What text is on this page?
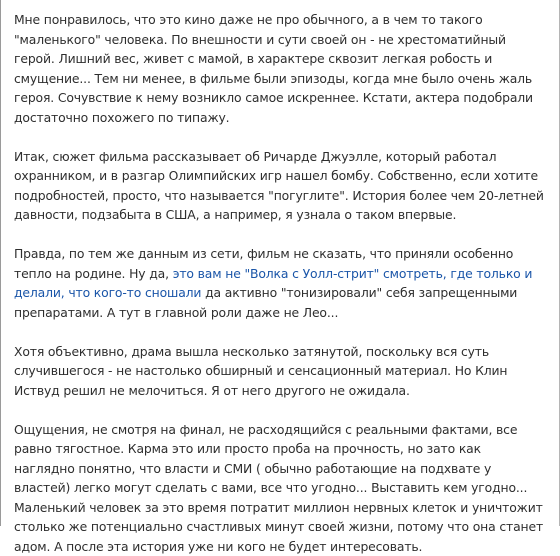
Мне понравилось, что это кино даже не про обычного, а в чем то такого "маленького" человека. По внешности и сути своей он - не хрестоматийный герой. Лишний вес, живет с мамой, в характере сквозит легкая робость и смущение... Тем ни менее, в фильме были эпизоды, когда мне было очень жаль героя. Сочувствие к нему возникло самое искреннее. Кстати, актера подобрали достаточно похожего по типажу.

Итак, сюжет фильма рассказывает об Ричарде Джуэлле, который работал охранником, и в разгар Олимпийских игр нашел бомбу. Собственно, если хотите подробностей, просто, что называется "погуглите". История более чем 20-летней давности, подзабыта в США, а например, я узнала о таком впервые.

Правда, по тем же данным из сети, фильм не сказать, что приняли особенно тепло на родине. Ну да, это вам не "Волка с Уолл-стрит" смотреть, где только и делали, что кого-то сношали да активно "тонизировали" себя запрещенными препаратами. А тут в главной роли даже не Лео...

Хотя объективно, драма вышла несколько затянутой, поскольку вся суть случившегося - не настолько обширный и сенсационный материал. Но Клин Иствуд решил не мелочиться. Я от него другого не ожидала.

Ощущения, не смотря на финал, не расходящийся с реальными фактами, все равно тягостное. Карма это или просто проба на прочность, но зато как наглядно понятно, что власти и СМИ ( обычно работающие на подхвате у властей) легко могут сделать с вами, все что угодно... Выставить кем угодно... Маленький человек за это время потратит миллион нервных клеток и уничтожит столько же потенциально счастливых минут своей жизни, потому что она станет адом. А после эта история уже ни кого не будет интересовать.
